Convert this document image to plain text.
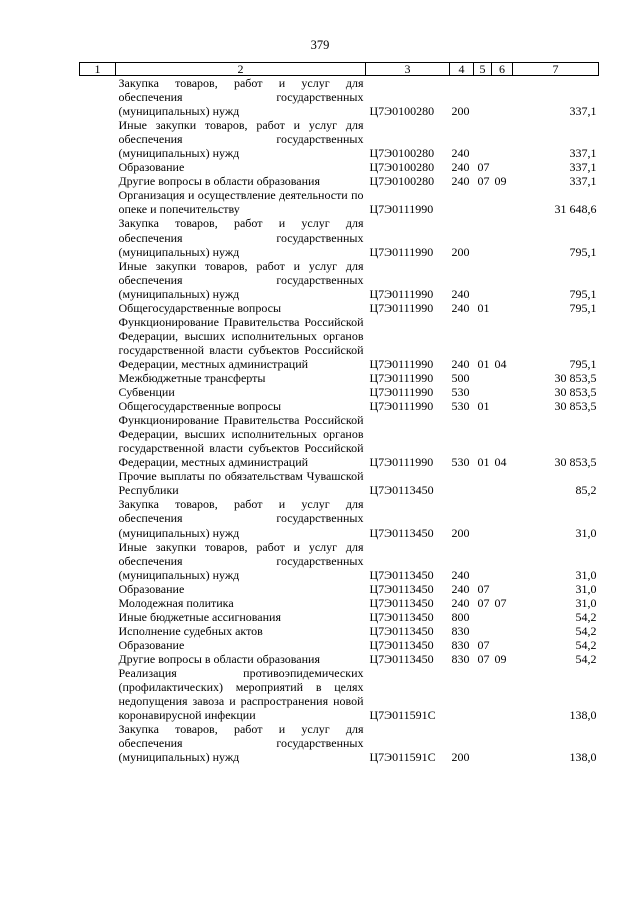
379
1	2	3	4	5	6	7
	Закупка товаров, работ и услуг для обеспечения государственных (муниципальных) нужд	Ц7Э0100280	200			337,1
	Иные закупки товаров, работ и услуг для обеспечения государственных (муниципальных) нужд	Ц7Э0100280	240			337,1
	Образование	Ц7Э0100280	240	07		337,1
	Другие вопросы в области образования	Ц7Э0100280	240	07	09	337,1
	Организация и осуществление деятельности по опеке и попечительству	Ц7Э0111990				31 648,6
	Закупка товаров, работ и услуг для обеспечения государственных (муниципальных) нужд	Ц7Э0111990	200			795,1
	Иные закупки товаров, работ и услуг для обеспечения государственных (муниципальных) нужд	Ц7Э0111990	240			795,1
	Общегосударственные вопросы	Ц7Э0111990	240	01		795,1
	Функционирование Правительства Российской Федерации, высших исполнительных органов государственной власти субъектов Российской Федерации, местных администраций	Ц7Э0111990	240	01	04	795,1
	Межбюджетные трансферты	Ц7Э0111990	500			30 853,5
	Субвенции	Ц7Э0111990	530			30 853,5
	Общегосударственные вопросы	Ц7Э0111990	530	01		30 853,5
	Функционирование Правительства Российской Федерации, высших исполнительных органов государственной власти субъектов Российской Федерации, местных администраций	Ц7Э0111990	530	01	04	30 853,5
	Прочие выплаты по обязательствам Чувашской Республики	Ц7Э0113450				85,2
	Закупка товаров, работ и услуг для обеспечения государственных (муниципальных) нужд	Ц7Э0113450	200			31,0
	Иные закупки товаров, работ и услуг для обеспечения государственных (муниципальных) нужд	Ц7Э0113450	240			31,0
	Образование	Ц7Э0113450	240	07		31,0
	Молодежная политика	Ц7Э0113450	240	07	07	31,0
	Иные бюджетные ассигнования	Ц7Э0113450	800			54,2
	Исполнение судебных актов	Ц7Э0113450	830			54,2
	Образование	Ц7Э0113450	830	07		54,2
	Другие вопросы в области образования	Ц7Э0113450	830	07	09	54,2
	Реализация противоэпидемических (профилактических) мероприятий в целях недопущения завоза и распространения новой коронавирусной инфекции	Ц7Э011591С				138,0
	Закупка товаров, работ и услуг для обеспечения государственных (муниципальных) нужд	Ц7Э011591С	200			138,0
